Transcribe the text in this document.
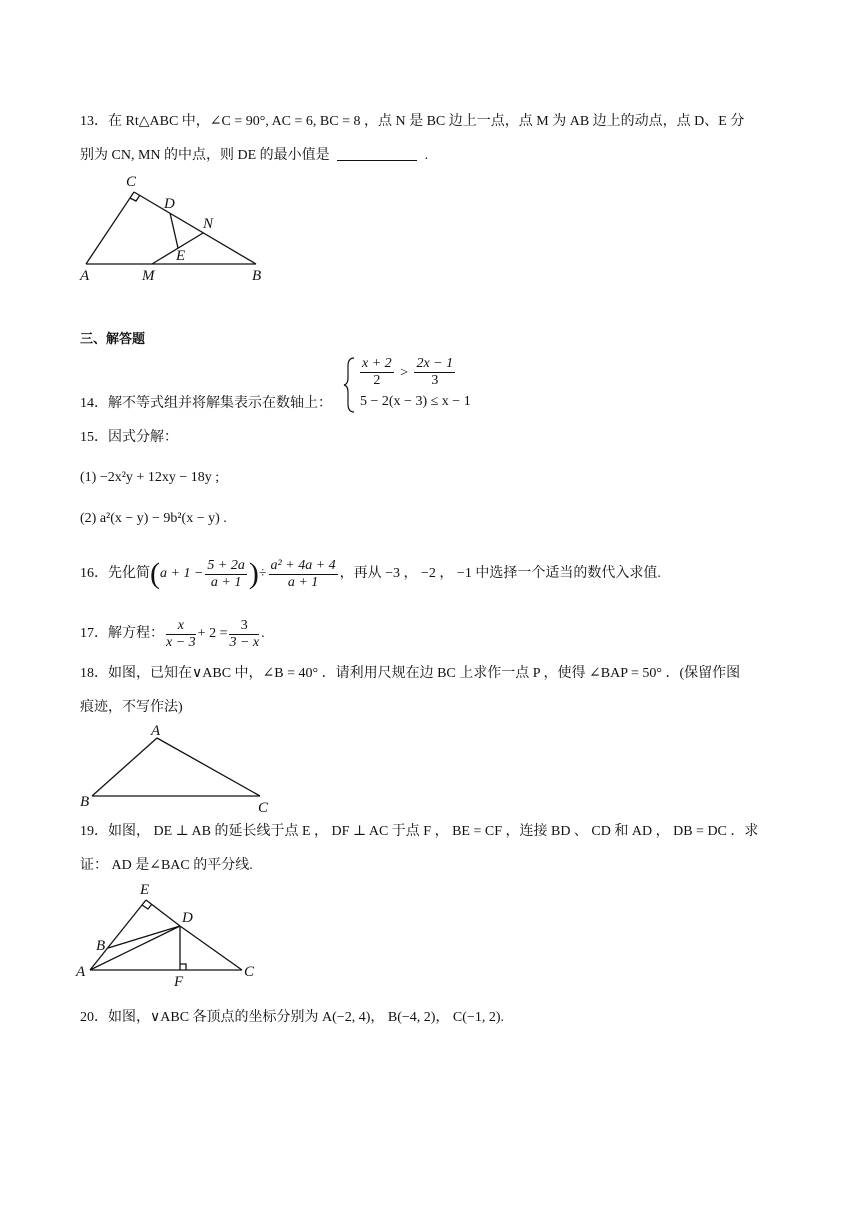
13．在 Rt△ABC 中，∠C = 90°, AC = 6, BC = 8 ，点 N 是 BC 边上一点，点 M 为 AB 边上的动点，点 D、E 分
别为 CN, MN 的中点，则 DE 的最小值是	.
C
D
N
E
A	M	B
三、解答题
14．解不等式组并将解集表示在数轴上：
$\frac{x + 2}{2} > \frac{2x - 1}{3}$
5 − 2(x − 3) ≤ x − 1
15．因式分解：
(1) −2x²y + 12xy − 18y ;
(2) a²(x − y) − 9b²(x − y) .
16．先化简 ( $a + 1 - \frac{5 + 2a}{a + 1}$ ) ÷ $\frac{\text{a² + 4a + 4}}{a + 1}$ ，再从 −3 ， −2 ， −1 中选择一个适当的数代入求值.
17．解方程： $\frac{x}{x - 3} + 2 = \frac{3}{3 - x}$ .
18．如图，已知在∨ABC 中，∠B = 40° ．请利用尺规在边 BC 上求作一点 P ，使得 ∠BAP = 50° ．(保留作图
痕迹，不写作法)
A
B	C
19．如图， DE ⊥ AB 的延长线于点 E ， DF ⊥ AC 于点 F ， BE = CF ，连接 BD 、 CD 和 AD ， DB = DC ．求
证： AD 是∠BAC 的平分线.
E
D
B
A
F
C
20．如图，∨ABC 各顶点的坐标分别为 A(−2, 4)， B(−4, 2)， C(−1, 2).
